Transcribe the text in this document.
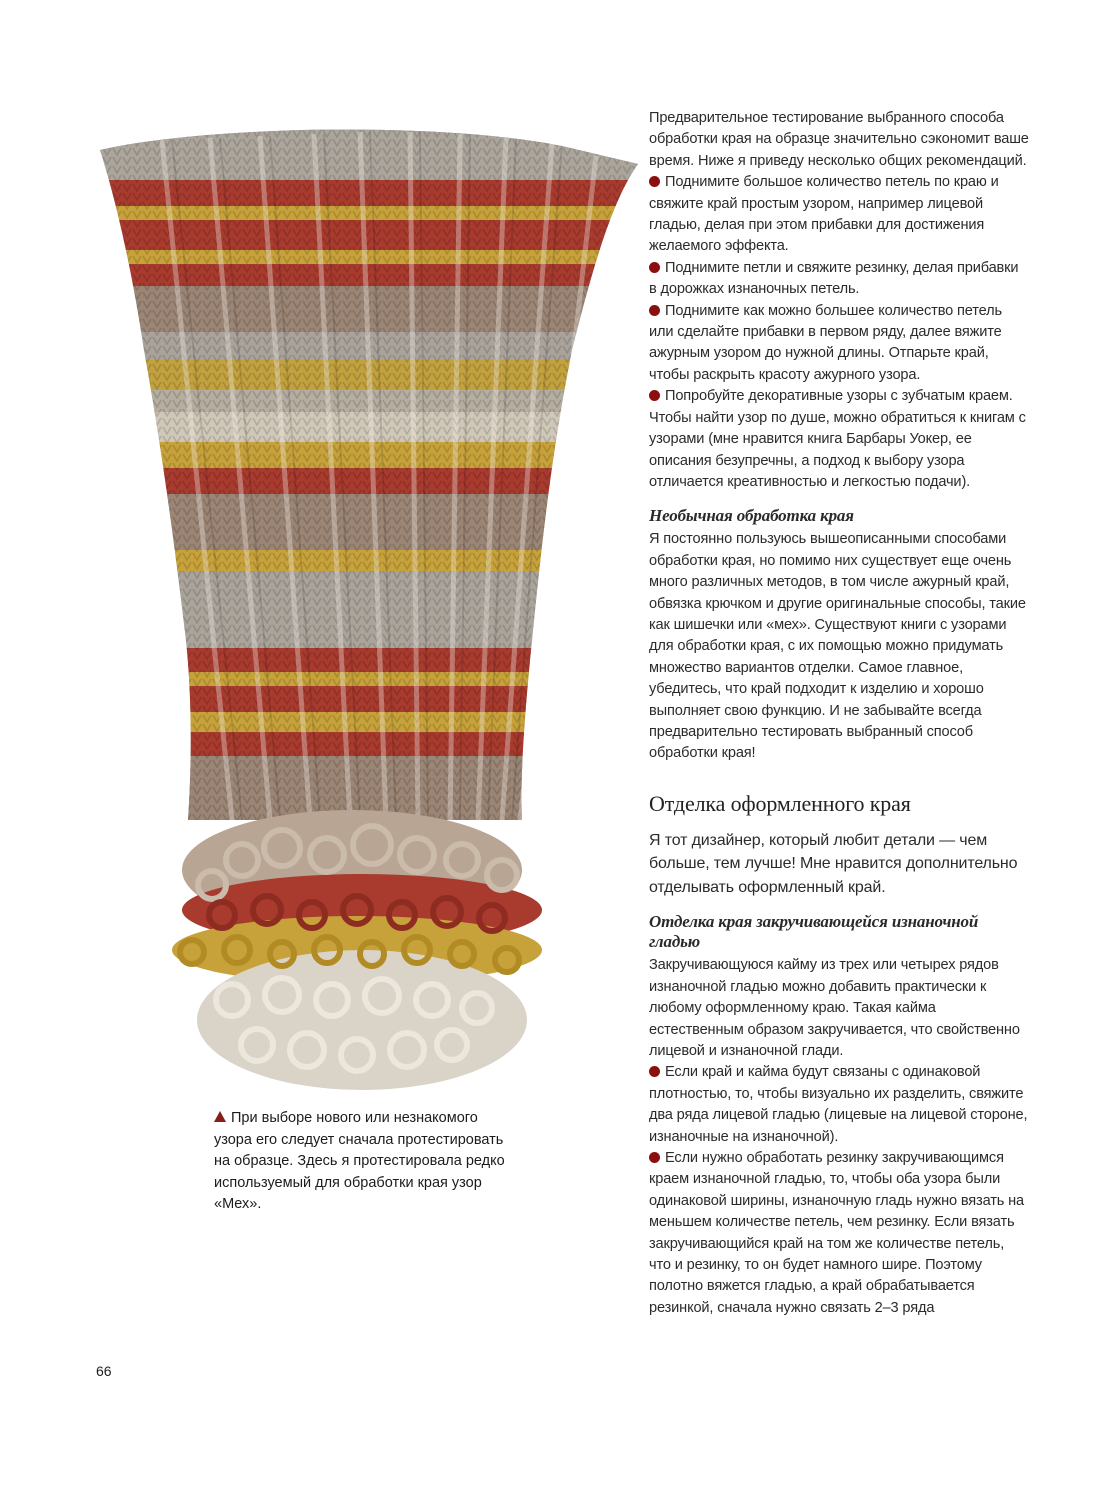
При выборе нового или незнакомого узора его следует сначала протестировать на образце. Здесь я протестировала редко используемый для обработки края узор «Мех».
66

Предварительное тестирование выбранного способа обработки края на образце значительно сэкономит ваше время. Ниже я приведу несколько общих рекомендаций.

Поднимите большое количество петель по краю и свяжите край простым узором, например лицевой гладью, делая при этом прибавки для достижения желаемого эффекта.

Поднимите петли и свяжите резинку, делая прибавки в дорожках изнаночных петель.

Поднимите как можно большее количество петель или сделайте прибавки в первом ряду, далее вяжите ажурным узором до нужной длины. Отпарьте край, чтобы раскрыть красоту ажурного узора.

Попробуйте декоративные узоры с зубчатым краем. Чтобы найти узор по душе, можно обратиться к книгам с узорами (мне нравится книга Барбары Уокер, ее описания безупречны, а подход к выбору узора отличается креативностью и легкостью подачи).

Необычная обработка края

Я постоянно пользуюсь вышеописанными способами обработки края, но помимо них существует еще очень много различных методов, в том числе ажурный край, обвязка крючком и другие оригинальные способы, такие как шишечки или «мех». Существуют книги с узорами для обработки края, с их помощью можно придумать множество вариантов отделки. Самое главное, убедитесь, что край подходит к изделию и хорошо выполняет свою функцию. И не забывайте всегда предварительно тестировать выбранный способ обработки края!

Отделка оформленного края

Я тот дизайнер, который любит детали — чем больше, тем лучше! Мне нравится дополнительно отделывать оформленный край.

Отделка края закручивающейся изнаночной гладью

Закручивающуюся кайму из трех или четырех рядов изнаночной гладью можно добавить практически к любому оформленному краю. Такая кайма естественным образом закручивается, что свойственно лицевой и изнаночной глади.

Если край и кайма будут связаны с одинаковой плотностью, то, чтобы визуально их разделить, свяжите два ряда лицевой гладью (лицевые на лицевой стороне, изнаночные на изнаночной).

Если нужно обработать резинку закручивающимся краем изнаночной гладью, то, чтобы оба узора были одинаковой ширины, изнаночную гладь нужно вязать на меньшем количестве петель, чем резинку. Если вязать закручивающийся край на том же количестве петель, что и резинку, то он будет намного шире. Поэтому полотно вяжется гладью, а край обрабатывается резинкой, сначала нужно связать 2–3 ряда
